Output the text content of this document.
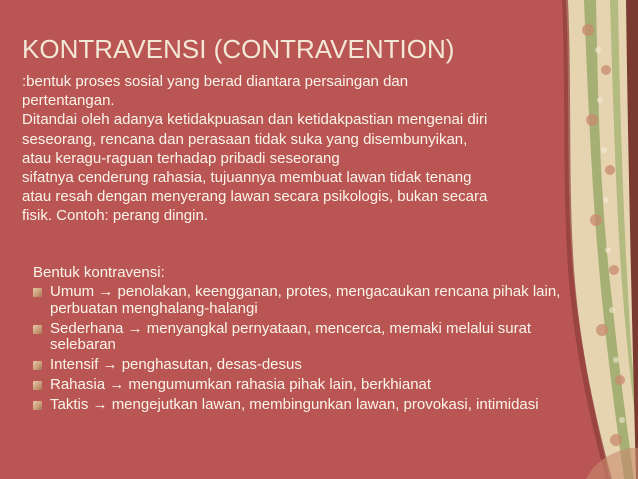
KONTRAVENSI (CONTRAVENTION)
:bentuk proses sosial yang berad diantara persaingan dan
pertentangan.
Ditandai oleh adanya ketidakpuasan dan ketidakpastian mengenai diri
seseorang, rencana dan perasaan tidak suka yang disembunyikan,
atau keragu-raguan terhadap pribadi seseorang
sifatnya cenderung rahasia, tujuannya membuat lawan tidak tenang
atau resah dengan menyerang lawan secara psikologis, bukan secara
fisik. Contoh: perang dingin.
Bentuk kontravensi:
Umum → penolakan, keengganan, protes, mengacaukan rencana pihak lain, perbuatan menghalang-halangi
Sederhana → menyangkal pernyataan, mencerca, memaki melalui surat selebaran
Intensif → penghasutan, desas-desus
Rahasia → mengumumkan rahasia pihak lain, berkhianat
Taktis → mengejutkan lawan, membingunkan lawan, provokasi, intimidasi
